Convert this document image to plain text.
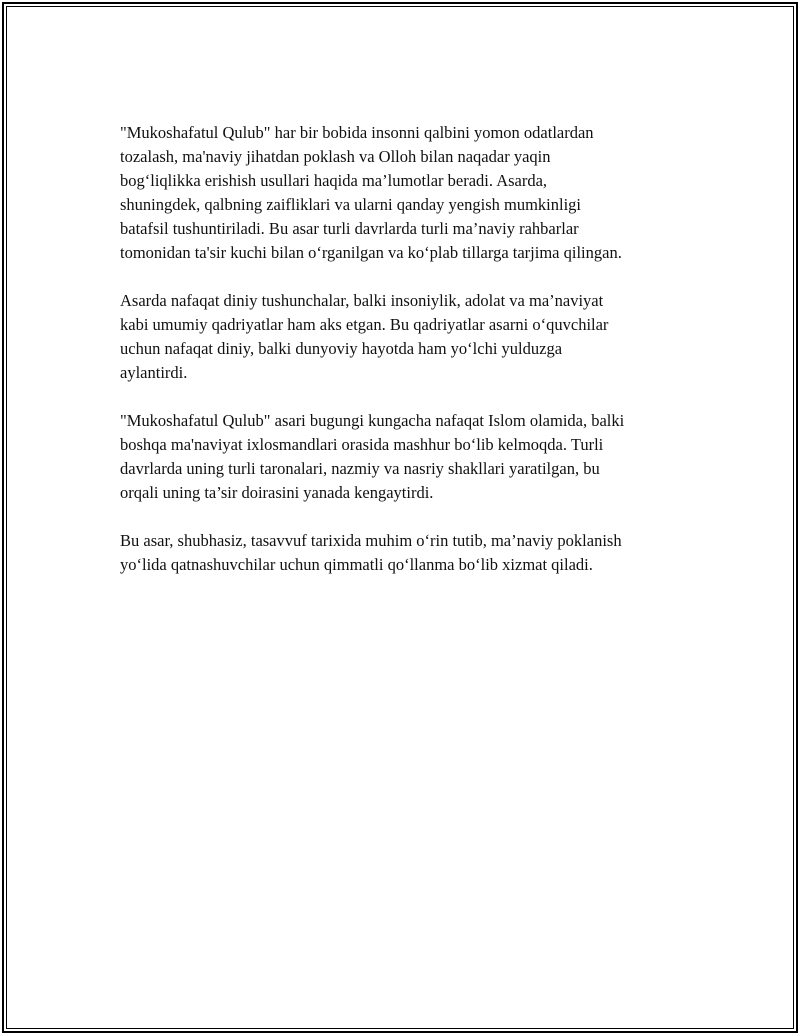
"Mukoshafatul Qulub" har bir bobida insonni qalbini yomon odatlardan
tozalash, ma'naviy jihatdan poklash va Olloh bilan naqadar yaqin
bog‘liqlikka erishish usullari haqida ma’lumotlar beradi. Asarda,
shuningdek, qalbning zaifliklari va ularni qanday yengish mumkinligi
batafsil tushuntiriladi. Bu asar turli davrlarda turli ma’naviy rahbarlar
tomonidan ta'sir kuchi bilan o‘rganilgan va ko‘plab tillarga tarjima qilingan.

Asarda nafaqat diniy tushunchalar, balki insoniylik, adolat va ma’naviyat
kabi umumiy qadriyatlar ham aks etgan. Bu qadriyatlar asarni o‘quvchilar
uchun nafaqat diniy, balki dunyoviy hayotda ham yo‘lchi yulduzga
aylantirdi.

"Mukoshafatul Qulub" asari bugungi kungacha nafaqat Islom olamida, balki
boshqa ma'naviyat ixlosmandlari orasida mashhur bo‘lib kelmoqda. Turli
davrlarda uning turli taronalari, nazmiy va nasriy shakllari yaratilgan, bu
orqali uning ta’sir doirasini yanada kengaytirdi.

Bu asar, shubhasiz, tasavvuf tarixida muhim o‘rin tutib, ma’naviy poklanish
yo‘lida qatnashuvchilar uchun qimmatli qo‘llanma bo‘lib xizmat qiladi.
